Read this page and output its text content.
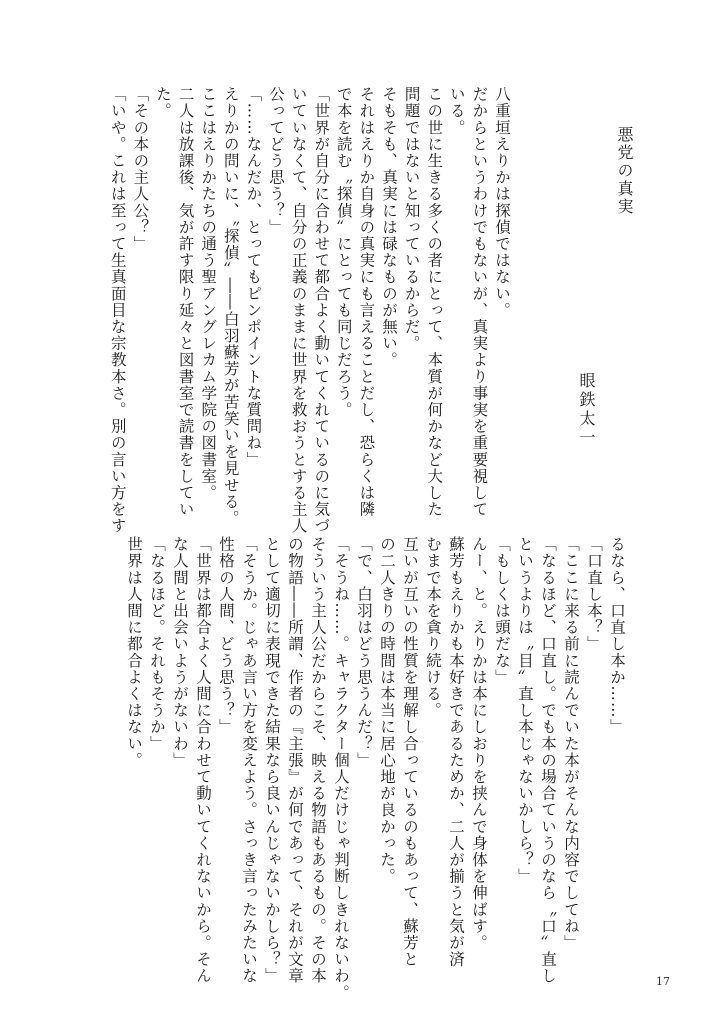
悪党の真実
眼鉄太一
八重垣えりかは探偵ではない。
だからというわけでもないが、真実より事実を重要視して
いる。
この世に生きる多くの者にとって、本質が何かなど大した
問題ではないと知っているからだ。
そもそも、真実には碌なものが無い。
それはえりか自身の真実にも言えることだし、恐らくは隣
で本を読む〝探偵〟にとっても同じだろう。
「世界が自分に合わせて都合よく動いてくれているのに気づ
いていなくて、自分の正義のままに世界を救おうとする主人
公ってどう思う？」
「……なんだか、とってもピンポイントな質問ね」
えりかの問いに、〝探偵〟――白羽蘇芳が苦笑いを見せる。
ここはえりかたちの通う聖アングレカム学院の図書室。
二人は放課後、気が許す限り延々と図書室で読書をしてい
た。
「その本の主人公？」
「いや。これは至って生真面目な宗教本さ。別の言い方をす
るなら、口直し本か……」
「口直し本？」
「ここに来る前に読んでいた本がそんな内容でしてね」
「なるほど、口直し。でも本の場合ていうのなら〝口〟直し
というよりは〝目〟直し本じゃないかしら？」
「もしくは頭だな」
んー、と。えりかは本にしおりを挟んで身体を伸ばす。
蘇芳もえりかも本好きであるためか、二人が揃うと気が済
むまで本を貪り続ける。
互いが互いの性質を理解し合っているのもあって、蘇芳と
の二人きりの時間は本当に居心地が良かった。
「で、白羽はどう思うんだ？」
「そうね……。キャラクター個人だけじゃ判断しきれないわ。
そういう主人公だからこそ、映える物語もあるもの。その本
の物語――所謂、作者の『主張』が何であって、それが文章
として適切に表現できた結果なら良いんじゃないかしら？」
「そうか。じゃあ言い方を変えよう。さっき言ったみたいな
性格の人間、どう思う？」
「世界は都合よく人間に合わせて動いてくれないから。そん
な人間と出会いようがないわ」
「なるほど。それもそうか」
世界は人間に都合よくはない。
17
